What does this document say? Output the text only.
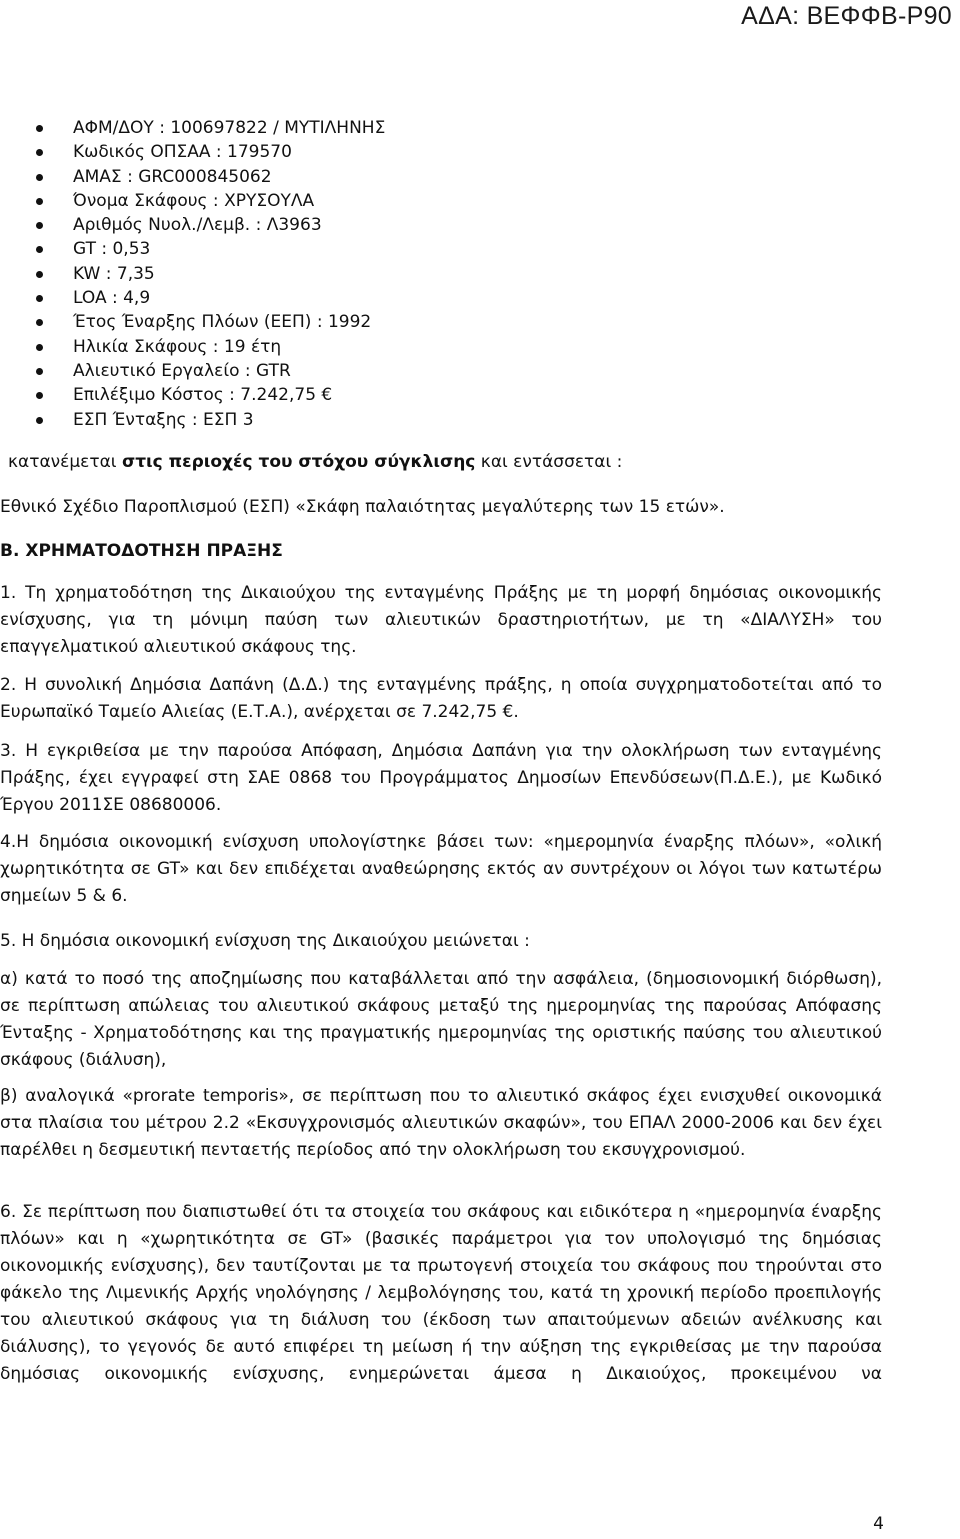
ΑΔΑ: ΒΕΦΦΒ-Ρ90
ΑΦΜ/ΔΟΥ : 100697822 / ΜΥΤΙΛΗΝΗΣ
Κωδικός ΟΠΣΑΑ : 179570
ΑΜΑΣ : GRC000845062
Όνομα Σκάφους : ΧΡΥΣΟΥΛΑ
Αριθμός Νυολ./Λεμβ. : Λ3963
GT : 0,53
KW : 7,35
LOA : 4,9
Έτος Έναρξης Πλόων (ΕΕΠ) : 1992
Ηλικία Σκάφους : 19 έτη
Αλιευτικό Εργαλείο : GTR
Επιλέξιμο Κόστος : 7.242,75 €
ΕΣΠ Ένταξης : ΕΣΠ 3
κατανέμεται στις περιοχές του στόχου σύγκλισης και εντάσσεται :
Εθνικό Σχέδιο Παροπλισμού (ΕΣΠ) «Σκάφη παλαιότητας μεγαλύτερης των 15 ετών».
Β. ΧΡΗΜΑΤΟΔΟΤΗΣΗ ΠΡΑΞΗΣ
1. Τη χρηματοδότηση της Δικαιούχου της ενταγμένης Πράξης με τη μορφή δημόσιας οικονομικής ενίσχυσης, για τη μόνιμη παύση των αλιευτικών δραστηριοτήτων, με τη «ΔΙΑΛΥΣΗ» του επαγγελματικού αλιευτικού σκάφους της.
2. Η συνολική Δημόσια Δαπάνη (Δ.Δ.) της ενταγμένης πράξης, η οποία συγχρηματοδοτείται από το Ευρωπαϊκό Ταμείο Αλιείας (Ε.Τ.Α.), ανέρχεται σε 7.242,75 €.
3. Η εγκριθείσα με την παρούσα Απόφαση, Δημόσια Δαπάνη για την ολοκλήρωση των ενταγμένης Πράξης, έχει εγγραφεί στη ΣΑΕ 0868 του Προγράμματος Δημοσίων Επενδύσεων(Π.Δ.Ε.), με Κωδικό Έργου 2011ΣΕ 08680006.
4.Η δημόσια οικονομική ενίσχυση υπολογίστηκε βάσει των: «ημερομηνία έναρξης πλόων», «ολική χωρητικότητα σε GT» και δεν επιδέχεται αναθεώρησης εκτός αν συντρέχουν οι λόγοι των κατωτέρω σημείων 5 & 6.
5. Η δημόσια οικονομική ενίσχυση της Δικαιούχου μειώνεται :
α) κατά το ποσό της αποζημίωσης που καταβάλλεται από την ασφάλεια, (δημοσιονομική διόρθωση), σε περίπτωση απώλειας του αλιευτικού σκάφους μεταξύ της ημερομηνίας της παρούσας Απόφασης Ένταξης - Χρηματοδότησης και της πραγματικής ημερομηνίας της οριστικής παύσης του αλιευτικού σκάφους (διάλυση),
β) αναλογικά «prorate temporis», σε περίπτωση που το αλιευτικό σκάφος έχει ενισχυθεί οικονομικά στα πλαίσια του μέτρου 2.2 «Εκσυγχρονισμός αλιευτικών σκαφών», του ΕΠΑΛ 2000-2006 και δεν έχει παρέλθει η δεσμευτική πενταετής περίοδος από την ολοκλήρωση του εκσυγχρονισμού.
6. Σε περίπτωση που διαπιστωθεί ότι τα στοιχεία του σκάφους και ειδικότερα η «ημερομηνία έναρξης πλόων» και η «χωρητικότητα σε GT» (βασικές παράμετροι για τον υπολογισμό της δημόσιας οικονομικής ενίσχυσης), δεν ταυτίζονται με τα πρωτογενή στοιχεία του σκάφους που τηρούνται στο φάκελο της Λιμενικής Αρχής νηολόγησης / λεμβολόγησης του, κατά τη χρονική περίοδο προεπιλογής του αλιευτικού σκάφους για τη διάλυση του (έκδοση των απαιτούμενων αδειών ανέλκυσης και διάλυσης), το γεγονός δε αυτό επιφέρει τη μείωση ή την αύξηση της εγκριθείσας με την παρούσα δημόσιας οικονομικής ενίσχυσης, ενημερώνεται άμεσα η Δικαιούχος, προκειμένου να
4
